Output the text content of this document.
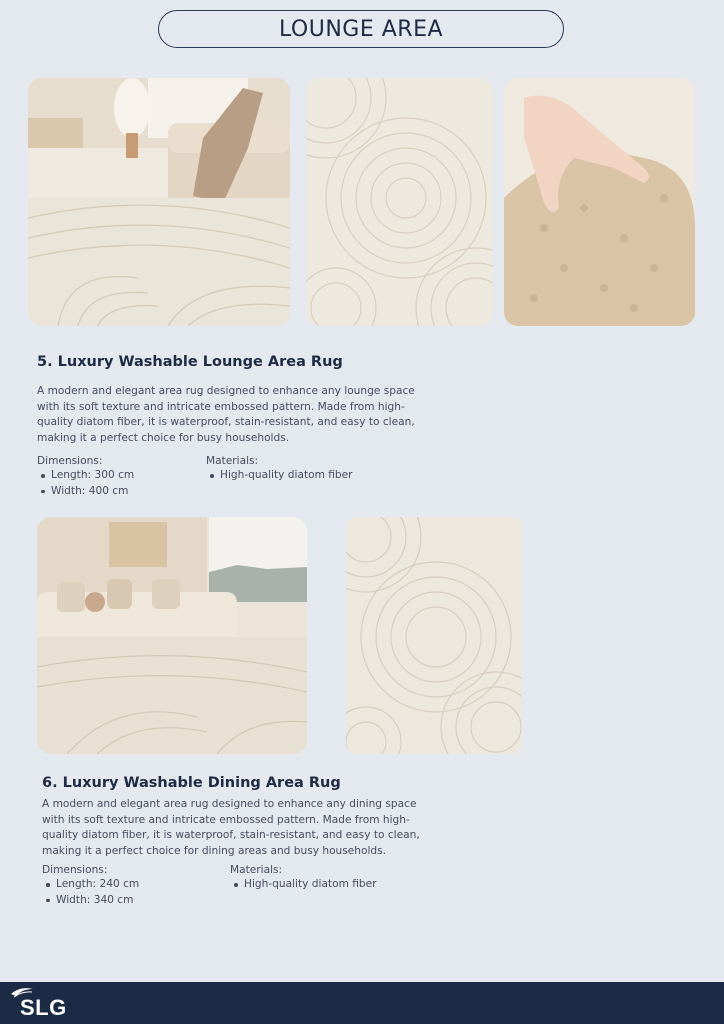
LOUNGE AREA
5. Luxury Washable Lounge Area Rug
A modern and elegant area rug designed to enhance any lounge space
with its soft texture and intricate embossed pattern. Made from high-
quality diatom fiber, it is waterproof, stain-resistant, and easy to clean,
making it a perfect choice for busy households.
Dimensions:
Length: 300 cm
Width: 400 cm
Materials:
High-quality diatom fiber
6. Luxury Washable Dining Area Rug
A modern and elegant area rug designed to enhance any dining space
with its soft texture and intricate embossed pattern. Made from high-
quality diatom fiber, it is waterproof, stain-resistant, and easy to clean,
making it a perfect choice for dining areas and busy households.
Dimensions:
Length: 240 cm
Width: 340 cm
Materials:
High-quality diatom fiber
SLG
